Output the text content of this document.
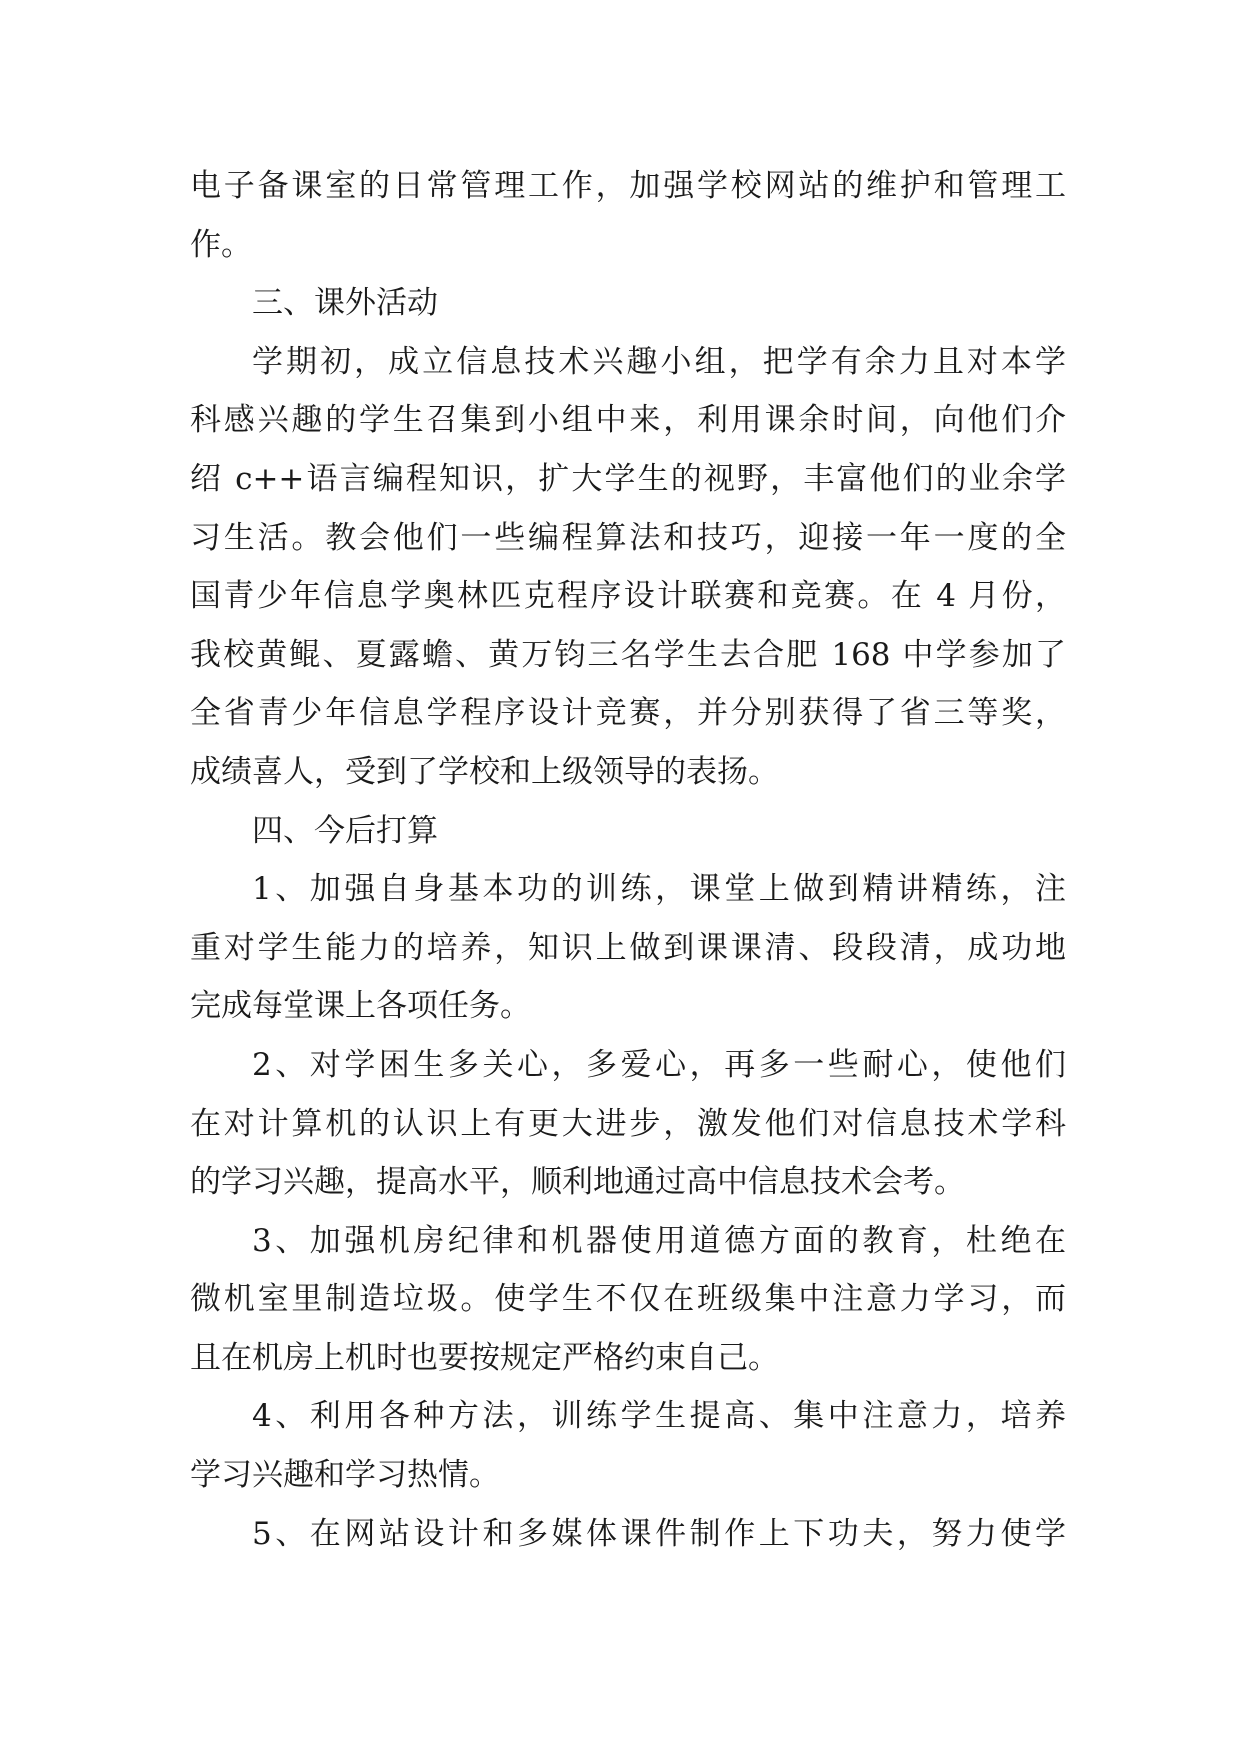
电子备课室的日常管理工作，加强学校网站的维护和管理工
作。
三、课外活动
学期初，成立信息技术兴趣小组，把学有余力且对本学
科感兴趣的学生召集到小组中来，利用课余时间，向他们介
绍 c++语言编程知识，扩大学生的视野，丰富他们的业余学
习生活。教会他们一些编程算法和技巧，迎接一年一度的全
国青少年信息学奥林匹克程序设计联赛和竞赛。在 4 月份，
我校黄鲲、夏露蟾、黄万钧三名学生去合肥 168 中学参加了
全省青少年信息学程序设计竞赛，并分别获得了省三等奖，
成绩喜人，受到了学校和上级领导的表扬。
四、今后打算
1、加强自身基本功的训练，课堂上做到精讲精练，注
重对学生能力的培养，知识上做到课课清、段段清，成功地
完成每堂课上各项任务。
2、对学困生多关心，多爱心，再多一些耐心，使他们
在对计算机的认识上有更大进步，激发他们对信息技术学科
的学习兴趣，提高水平，顺利地通过高中信息技术会考。
3、加强机房纪律和机器使用道德方面的教育，杜绝在
微机室里制造垃圾。使学生不仅在班级集中注意力学习，而
且在机房上机时也要按规定严格约束自己。
4、利用各种方法，训练学生提高、集中注意力，培养
学习兴趣和学习热情。
5、在网站设计和多媒体课件制作上下功夫，努力使学
